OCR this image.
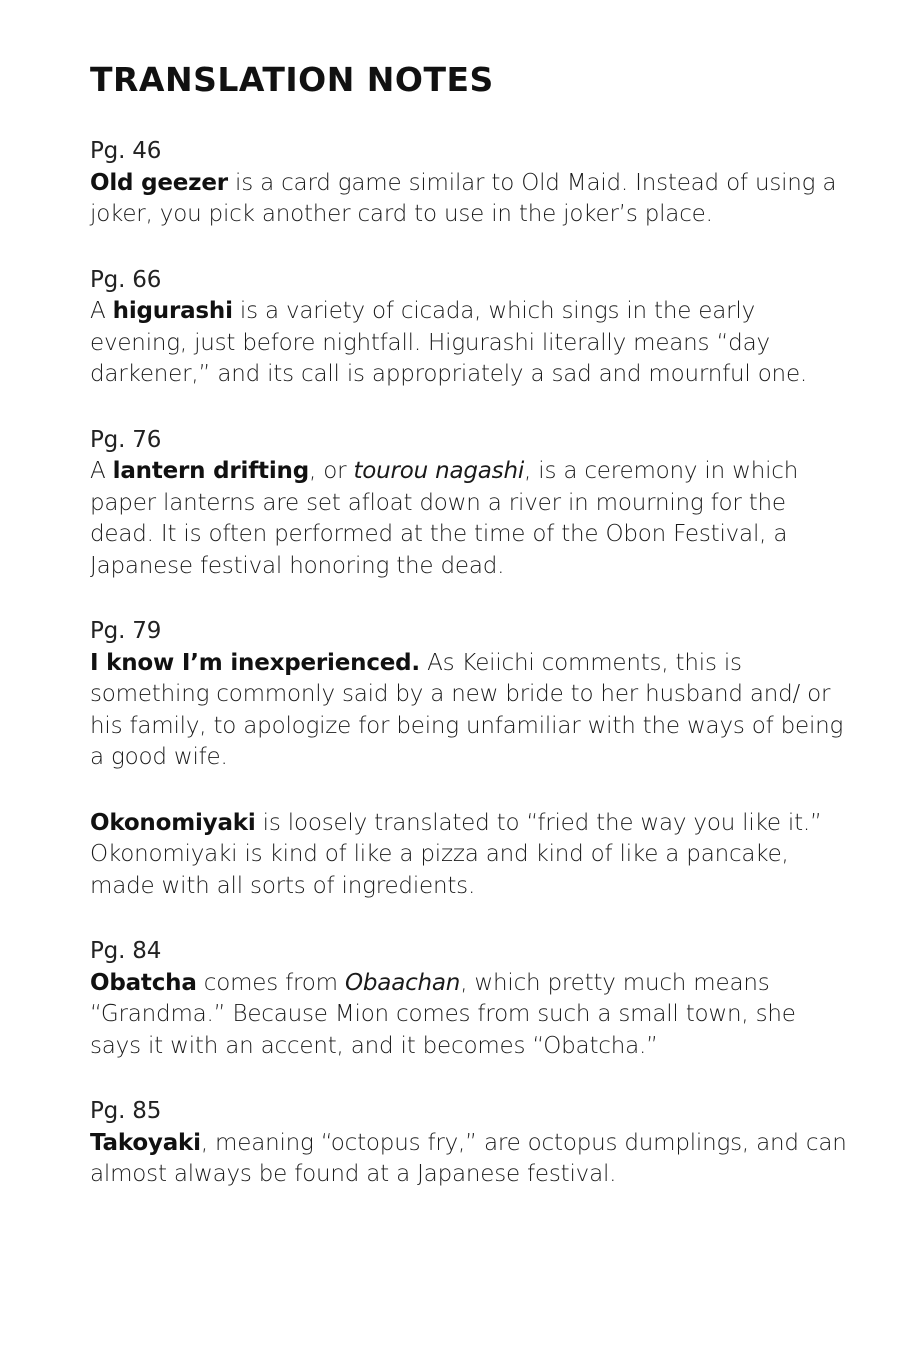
TRANSLATION NOTES
Pg. 46
Old geezer is a card game similar to Old Maid. Instead of using a joker, you pick another card to use in the joker’s place.
Pg. 66
A higurashi is a variety of cicada, which sings in the early evening, just before nightfall. Higurashi literally means “day darkener,” and its call is appropriately a sad and mournful one.
Pg. 76
A lantern drifting, or tourou nagashi, is a ceremony in which paper lanterns are set afloat down a river in mourning for the dead. It is often performed at the time of the Obon Festival, a Japanese festival honoring the dead.
Pg. 79
I know I’m inexperienced. As Keiichi comments, this is something commonly said by a new bride to her husband and/ or his family, to apologize for being unfamiliar with the ways of being a good wife.
Okonomiyaki is loosely translated to “fried the way you like it.” Okonomiyaki is kind of like a pizza and kind of like a pancake, made with all sorts of ingredients.
Pg. 84
Obatcha comes from Obaachan, which pretty much means “Grandma.” Because Mion comes from such a small town, she says it with an accent, and it becomes “Obatcha.”
Pg. 85
Takoyaki, meaning “octopus fry,” are octopus dumplings, and can almost always be found at a Japanese festival.
